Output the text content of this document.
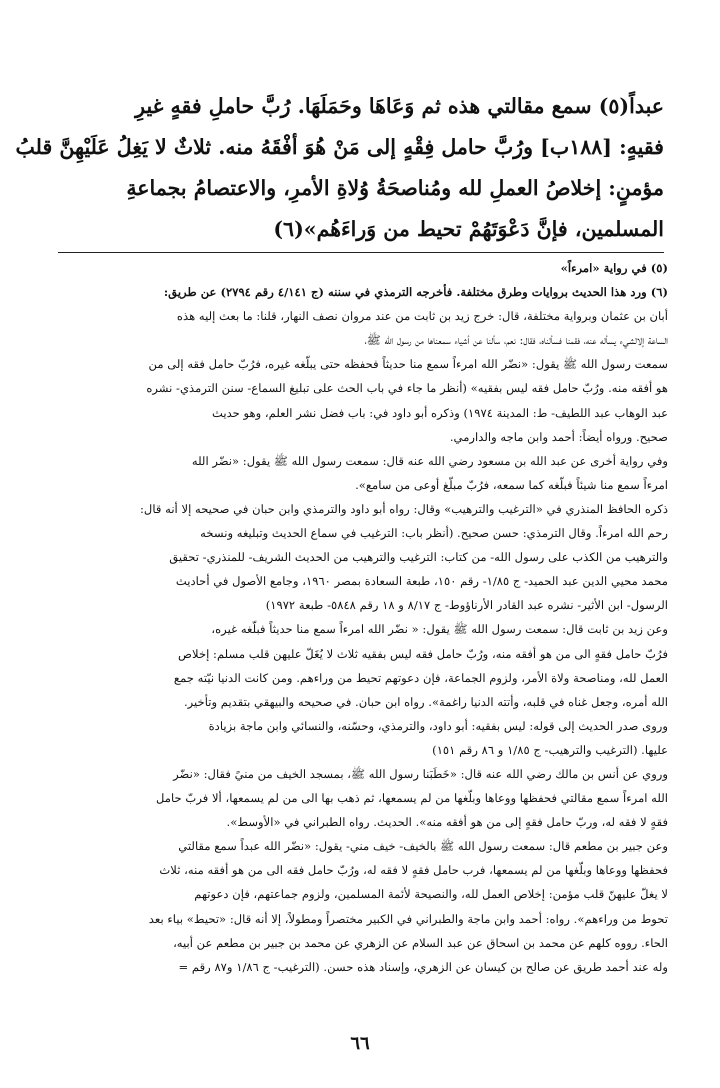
عبداً(٥) سمع مقالتي هذه ثم وَعَاهَا وحَمَلَهَا. رُبَّ حاملِ فقهٍ غيرِ
فقيهٍ: [١٨٨ب] ورُبَّ حامل فِقْهٍ إلى مَنْ هُوَ أفْقَهُ منه. ثلاثٌ لا يَغِلُ عَلَيْهِنَّ قلبُ
مؤمنٍ: إخلاصُ العملِ لله ومُناصحَةُ وُلاةِ الأمرِ، والاعتصامُ بجماعةِ
المسلمين، فإنَّ دَعْوَتَهُمْ تحيط من وَراءَهُم»(٦)
(٥) في رواية «امرءاً»
(٦) ورد هذا الحديث بروايات وطرق مختلفة. فأخرجه الترمذي في سننه (ج ٤/١٤١ رقم ٢٧٩٤) عن طريق:
أبان بن عثمان وبرواية مختلفة، قال: خرج زيد بن ثابت من عند مروان نصف النهار، قلنا: ما بعث إليه هذه
الساعة إلالشيء يسأله عنه، فقمنا فسألناه، فقال: نعم، سألنا عن أشياء سمعناها من رسول الله ﷺ،
سمعت رسول الله ﷺ يقول: «نضّر الله امرءاً سمع منا حديثاً فحفظه حتى يبلّغه غيره، فرُبّ حامل فقه إلى من
هو أفقه منه. ورُبّ حامل فقه ليس بفقيه» (أنظر ما جاء في باب الحث على تبليغ السماع- سنن الترمذي- نشره
عبد الوهاب عبد اللطيف- ط: المدينة ١٩٧٤) وذكره أبو داود في: باب فضل نشر العلم، وهو حديث
صحيح. ورواه أيضاً: أحمد وابن ماجه والدارمي.
وفي رواية أخرى عن عبد الله بن مسعود رضي الله عنه قال: سمعت رسول الله ﷺ يقول: «نضّر الله
امرءاً سمع منا شيئاً فبلّغه كما سمعه، فرُبّ مبلّغ أوعى من سامع».
ذكره الحافظ المنذري في «الترغيب والترهيب» وقال: رواه أبو داود والترمذي وابن حبان في صحيحه إلا أنه قال:
رحم الله امرءاً. وقال الترمذي: حسن صحيح. (أنظر باب: الترغيب في سماع الحديث وتبليغه ونسخه
والترهيب من الكذب على رسول الله- من كتاب: الترغيب والترهيب من الحديث الشريف- للمنذري- تحقيق
محمد محيي الدين عبد الحميد- ج ١/٨٥- رقم ١٥٠، طبعة السعادة بمصر ١٩٦٠، وجامع الأصول في أحاديث
الرسول- ابن الأثير- نشره عبد القادر الأرناؤوط- ج ٨/١٧ و ١٨ رقم ٥٨٤٨- طبعة ١٩٧٢)
وعن زيد بن ثابت قال: سمعت رسول الله ﷺ يقول: « نضّر الله امرءاً سمع منا حديثاً فبلّغه غيره،
فرُبّ حامل فقهٍ الى من هو أفقه منه، ورُبّ حامل فقه ليس بفقيه ثلاث لا يُغَلّ عليهن قلب مسلم: إخلاص
العمل لله، ومناصحة ولاة الأمر، ولزوم الجماعة، فإن دعوتهم تحيط من وراءهم. ومن كانت الدنيا نيّته جمع
الله أمره، وجعل غناه في قلبه، وأتته الدنيا راغمة». رواه ابن حبان. في صحيحه والبيهقي بتقديم وتأخير.
وروى صدر الحديث إلى قوله: ليس بفقيه: أبو داود، والترمذي، وحسّنه، والنسائي وابن ماجة بزيادة
عليها. (الترغيب والترهيب- ج ١/٨٥ و ٨٦ رقم ١٥١)
وروي عن أنس بن مالك رضي الله عنه قال: «خَطَبَنا رسول الله ﷺ، بمسجد الخيف من منيً فقال: «نضّر
الله امرءاً سمع مقالتي فحفظها ووعاها وبلّغها من لم يسمعها، ثم ذهب بها الى من لم يسمعها، ألا فربّ حامل
فقهٍ لا فقه له، وربّ حامل فقهٍ إلى من هو أفقه منه». الحديث. رواه الطبراني في «الأوسط».
وعن جبير بن مطعم قال: سمعت رسول الله ﷺ بالخيف- خيف مني- يقول: «نضّر الله عبداً سمع مقالتي
فحفظها ووعاها وبلّغها من لم يسمعها، فرب حامل فقهٍ لا فقه له، ورُبّ حامل فقه الى من هو أفقه منه، ثلاث
لا يغلّ عليهنّ قلب مؤمن: إخلاص العمل لله، والنصيحة لأئمة المسلمين، ولزوم جماعتهم، فإن دعوتهم
تحوط من وراءهم». رواه: أحمد وابن ماجة والطبراني في الكبير مختصراً ومطولاً، إلا أنه قال: «تحيط» بياء بعد
الحاء. رووه كلهم عن محمد بن اسحاق عن عبد السلام عن الزهري عن محمد بن جبير بن مطعم عن أبيه،
وله عند أحمد طريق عن صالح بن كيسان عن الزهري، وإسناد هذه حسن. (الترغيب- ج ١/٨٦ و٨٧ رقم =
٦٦
